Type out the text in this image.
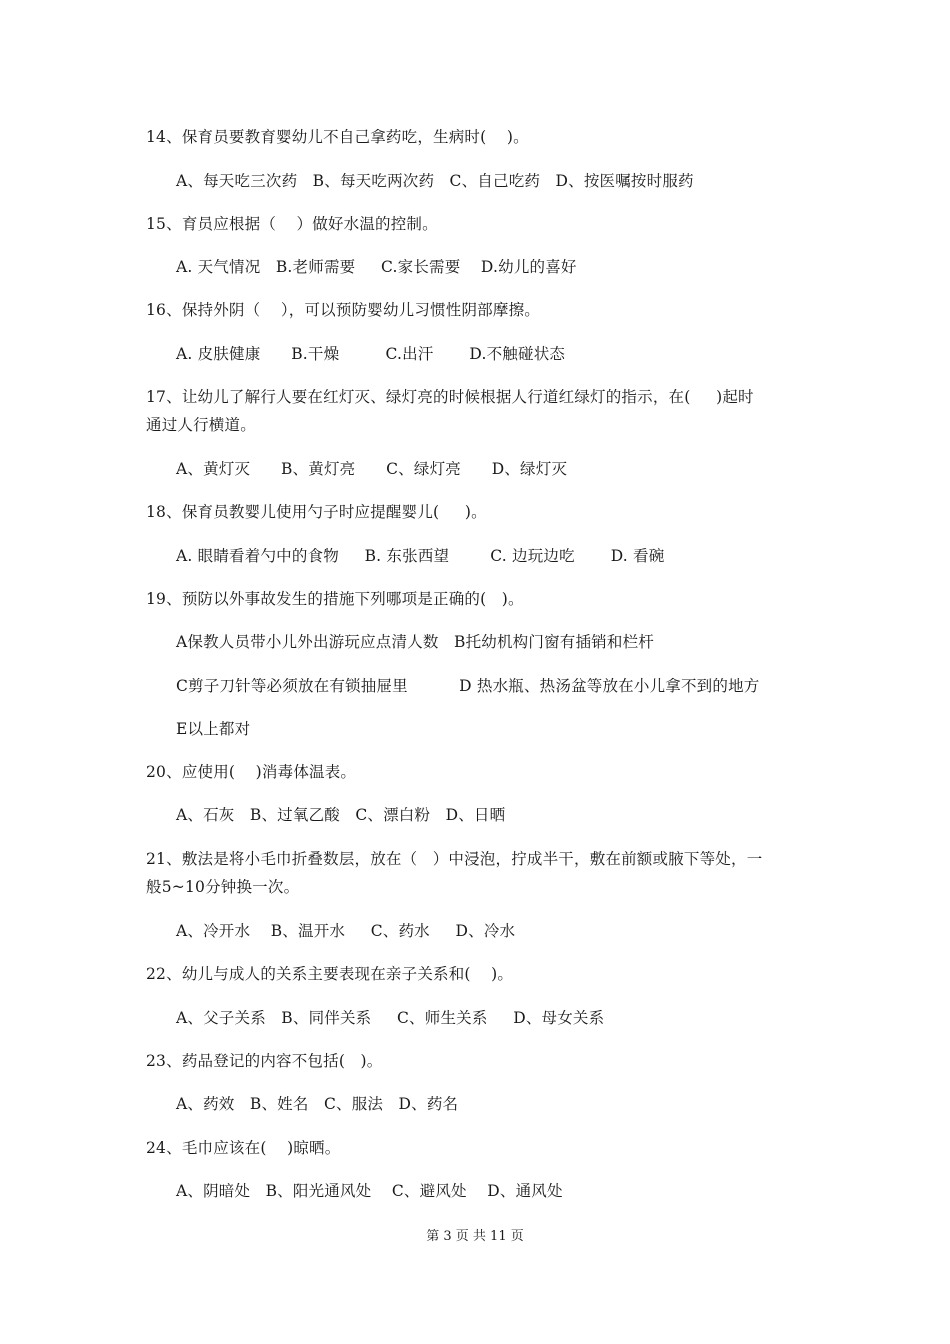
14、保育员要教育婴幼儿不自己拿药吃，生病时(    )。
A、每天吃三次药   B、每天吃两次药   C、自己吃药   D、按医嘱按时服药
15、育员应根据（    ）做好水温的控制。
A. 天气情况   B.老师需要     C.家长需要    D.幼儿的喜好
16、保持外阴（    ），可以预防婴幼儿习惯性阴部摩擦。
A. 皮肤健康      B.干燥         C.出汗       D.不触碰状态
17、让幼儿了解行人要在红灯灭、绿灯亮的时候根据人行道红绿灯的指示，在(     )起时
通过人行横道。
A、黄灯灭      B、黄灯亮      C、绿灯亮      D、绿灯灭
18、保育员教婴儿使用勺子时应提醒婴儿(     )。
A. 眼睛看着勺中的食物     B. 东张西望        C. 边玩边吃       D. 看碗
19、预防以外事故发生的措施下列哪项是正确的(   )。
A保教人员带小儿外出游玩应点清人数   B托幼机构门窗有插销和栏杆
C剪子刀针等必须放在有锁抽屉里          D 热水瓶、热汤盆等放在小儿拿不到的地方
E以上都对
20、应使用(    )消毒体温表。
A、石灰   B、过氧乙酸   C、漂白粉   D、日晒
21、敷法是将小毛巾折叠数层，放在（   ）中浸泡，拧成半干，敷在前额或腋下等处，一
般5~10分钟换一次。
A、冷开水    B、温开水     C、药水     D、冷水
22、幼儿与成人的关系主要表现在亲子关系和(    )。
A、父子关系   B、同伴关系     C、师生关系     D、母女关系
23、药品登记的内容不包括(   )。
A、药效   B、姓名   C、服法   D、药名
24、毛巾应该在(    )晾晒。
A、阴暗处   B、阳光通风处    C、避风处    D、通风处
第 3 页 共 11 页
